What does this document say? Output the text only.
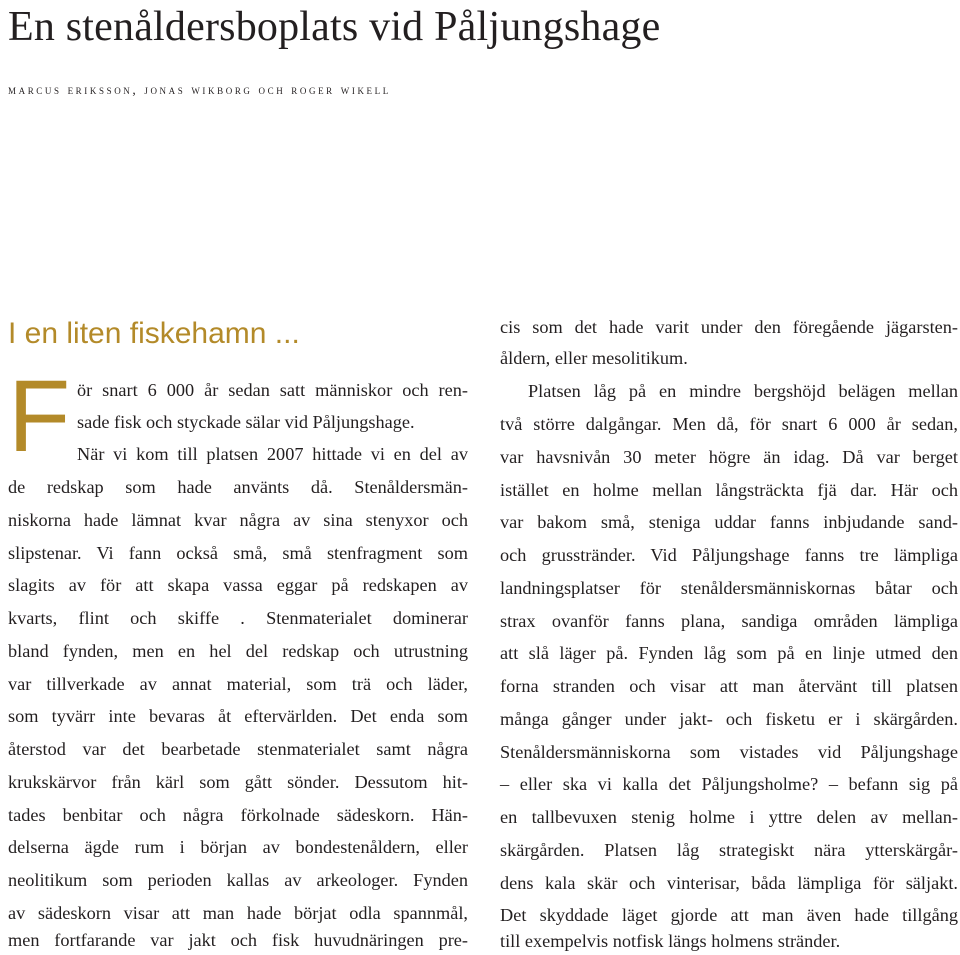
En stenåldersboplats vid Påljungshage
marcus eriksson, jonas wikborg och roger wikell
I en liten fiskehamn ...
F ör snart 6 000 år sedan satt människor och ren-
sade fisk och styckade sälar vid Påljungshage.
När vi kom till platsen 2007 hittade vi en del av
de redskap som hade använts då. Stenåldersmän-
niskorna hade lämnat kvar några av sina stenyxor och
slipstenar. Vi fann också små, små stenfragment som
slagits av för att skapa vassa eggar på redskapen av
kvarts, flint och skiffe . Stenmaterialet dominerar
bland fynden, men en hel del redskap och utrustning
var tillverkade av annat material, som trä och läder,
som tyvärr inte bevaras åt eftervärlden. Det enda som
återstod var det bearbetade stenmaterialet samt några
krukskärvor från kärl som gått sönder. Dessutom hit-
tades benbitar och några förkolnade sädeskorn. Hän-
delserna ägde rum i början av bondestenåldern, eller
neolitikum som perioden kallas av arkeologer. Fynden
av sädeskorn visar att man hade börjat odla spannmål,
men fortfarande var jakt och fisk huvudnäringen pre-
cis som det hade varit under den föregående jägarsten-
åldern, eller mesolitikum.
Platsen låg på en mindre bergshöjd belägen mellan
två större dalgångar. Men då, för snart 6 000 år sedan,
var havsnivån 30 meter högre än idag. Då var berget
istället en holme mellan långsträckta fjä dar. Här och
var bakom små, steniga uddar fanns inbjudande sand-
och grusstränder. Vid Påljungshage fanns tre lämpliga
landningsplatser för stenåldersmänniskornas båtar och
strax ovanför fanns plana, sandiga områden lämpliga
att slå läger på. Fynden låg som på en linje utmed den
forna stranden och visar att man återvänt till platsen
många gånger under jakt- och fisketu er i skärgården.
Stenåldersmänniskorna som vistades vid Påljungshage
– eller ska vi kalla det Påljungsholme? – befann sig på
en tallbevuxen stenig holme i yttre delen av mellan-
skärgården. Platsen låg strategiskt nära ytterskärgår-
dens kala skär och vinterisar, båda lämpliga för säljakt.
Det skyddade läget gjorde att man även hade tillgång
till exempelvis notfisk längs holmens stränder.
